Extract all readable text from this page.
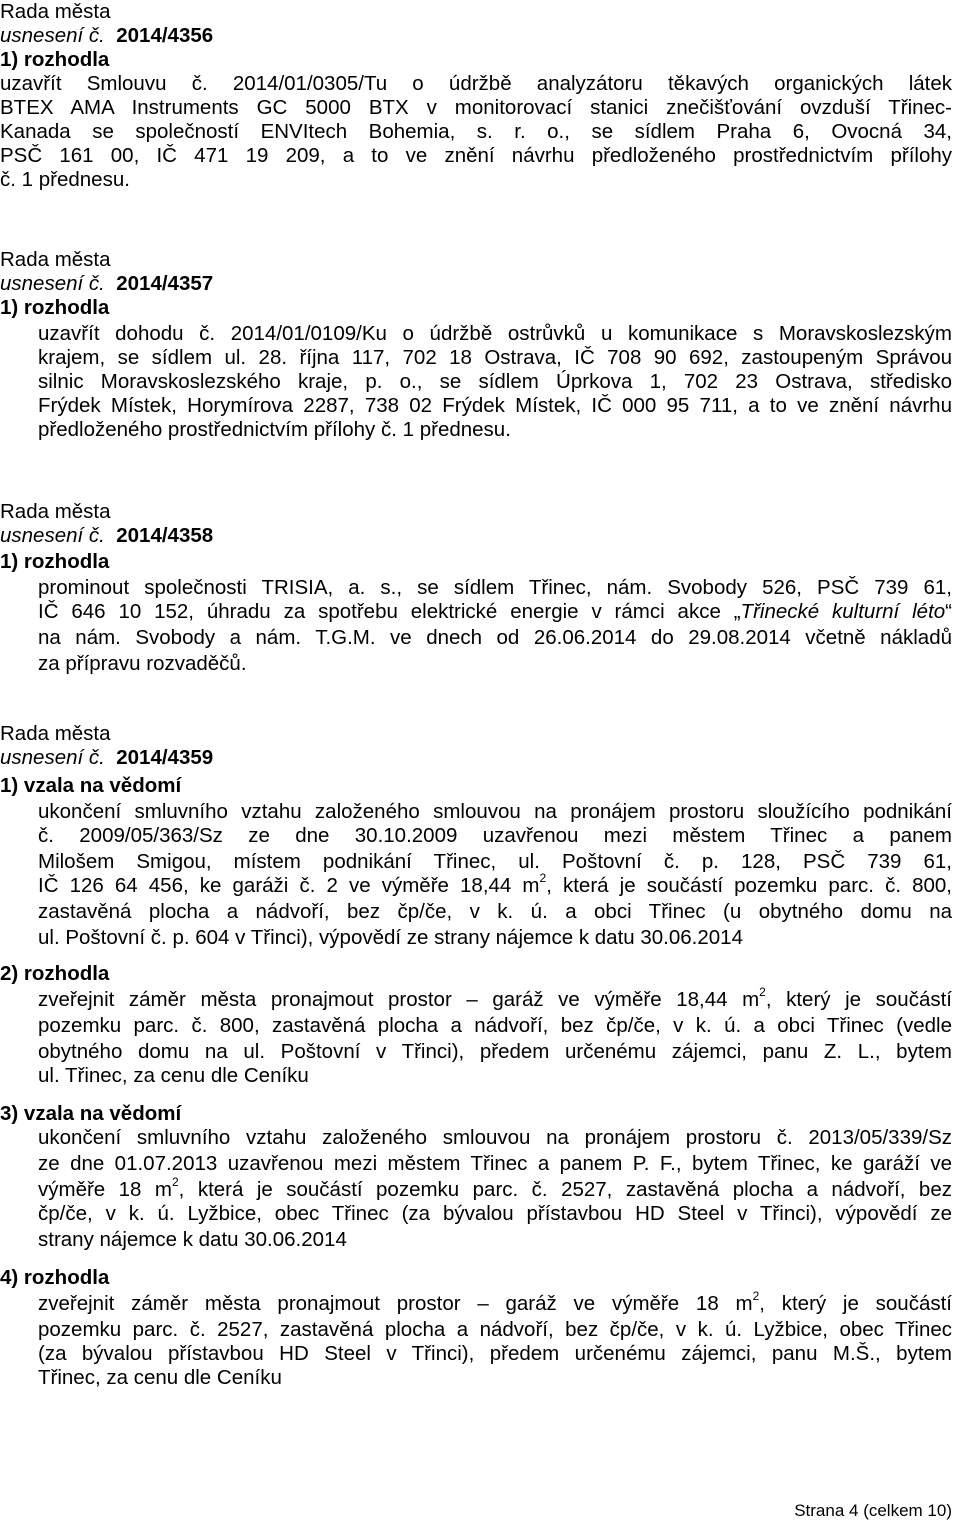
Rada města
usnesení č. 2014/4356
1) rozhodla
uzavřít Smlouvu č. 2014/01/0305/Tu o údržbě analyzátoru těkavých organických látek
BTEX AMA Instruments GC 5000 BTX v monitorovací stanici znečišťování ovzduší Třinec-
Kanada se společností ENVItech Bohemia, s. r. o., se sídlem Praha 6, Ovocná 34,
PSČ 161 00, IČ 471 19 209, a to ve znění návrhu předloženého prostřednictvím přílohy
č. 1 přednesu.
Rada města
usnesení č. 2014/4357
1) rozhodla
uzavřít dohodu č. 2014/01/0109/Ku o údržbě ostrůvků u komunikace s Moravskoslezským
krajem, se sídlem ul. 28. října 117, 702 18 Ostrava, IČ 708 90 692, zastoupeným Správou
silnic Moravskoslezského kraje, p. o., se sídlem Úprkova 1, 702 23 Ostrava, středisko
Frýdek Místek, Horymírova 2287, 738 02 Frýdek Místek, IČ 000 95 711, a to ve znění návrhu
předloženého prostřednictvím přílohy č. 1 přednesu.
Rada města
usnesení č. 2014/4358
1) rozhodla
prominout společnosti TRISIA, a. s., se sídlem Třinec, nám. Svobody 526, PSČ 739 61,
IČ 646 10 152, úhradu za spotřebu elektrické energie v rámci akce „Třinecké kulturní léto“
na nám. Svobody a nám. T.G.M. ve dnech od 26.06.2014 do 29.08.2014 včetně nákladů
za přípravu rozvaděčů.
Rada města
usnesení č. 2014/4359
1) vzala na vědomí
ukončení smluvního vztahu založeného smlouvou na pronájem prostoru sloužícího podnikání
č. 2009/05/363/Sz ze dne 30.10.2009 uzavřenou mezi městem Třinec a panem
Milošem Smigou, místem podnikání Třinec, ul. Poštovní č. p. 128, PSČ 739 61,
IČ 126 64 456, ke garáži č. 2 ve výměře 18,44 $m^2$, která je součástí pozemku parc. č. 800,
zastavěná plocha a nádvoří, bez čp/če, v k. ú. a obci Třinec (u obytného domu na
ul. Poštovní č. p. 604 v Třinci), výpovědí ze strany nájemce k datu 30.06.2014
2) rozhodla
zveřejnit záměr města pronajmout prostor – garáž ve výměře 18,44 $m^2$, který je součástí
pozemku parc. č. 800, zastavěná plocha a nádvoří, bez čp/če, v k. ú. a obci Třinec (vedle
obytného domu na ul. Poštovní v Třinci), předem určenému zájemci, panu Z. L., bytem
ul. Třinec, za cenu dle Ceníku
3) vzala na vědomí
ukončení smluvního vztahu založeného smlouvou na pronájem prostoru č. 2013/05/339/Sz
ze dne 01.07.2013 uzavřenou mezi městem Třinec a panem P. F., bytem Třinec, ke garáží ve
výměře 18 $m^2$, která je součástí pozemku parc. č. 2527, zastavěná plocha a nádvoří, bez
čp/če, v k. ú. Lyžbice, obec Třinec (za bývalou přístavbou HD Steel v Třinci), výpovědí ze
strany nájemce k datu 30.06.2014
4) rozhodla
zveřejnit záměr města pronajmout prostor – garáž ve výměře 18 $m^2$, který je součástí
pozemku parc. č. 2527, zastavěná plocha a nádvoří, bez čp/če, v k. ú. Lyžbice, obec Třinec
(za bývalou přístavbou HD Steel v Třinci), předem určenému zájemci, panu M.Š., bytem
Třinec, za cenu dle Ceníku
Strana 4 (celkem 10)
